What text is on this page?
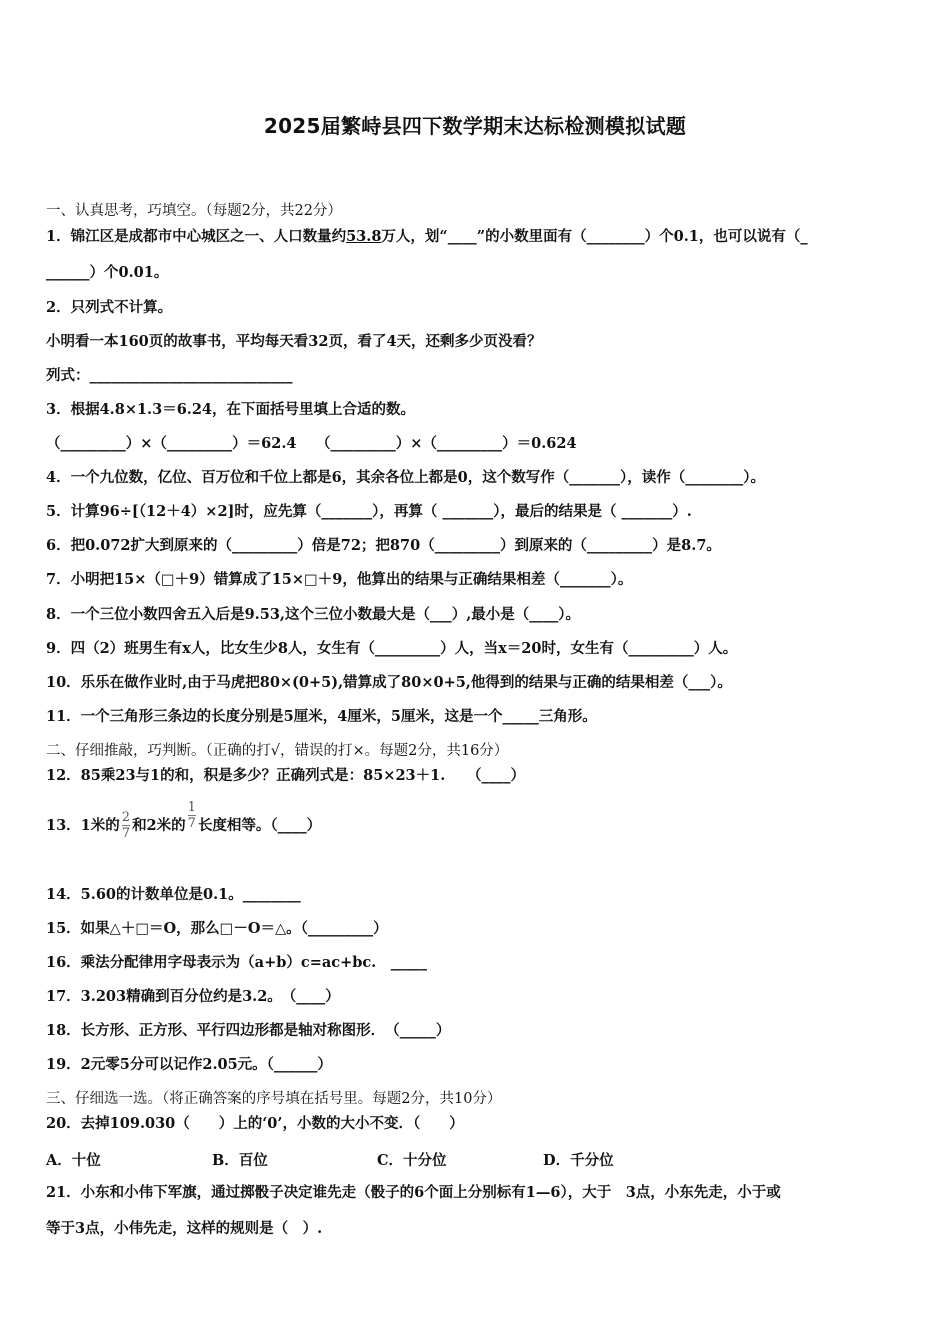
2025届繁峙县四下数学期末达标检测模拟试题

一、认真思考，巧填空。（每题2分，共22分）

1．锦江区是成都市中心城区之一、人口数量约53.8万人，划“____”的小数里面有（________）个0.1，也可以说有（_

______）个0.01。

2．只列式不计算。

小明看一本160页的故事书，平均每天看32页，看了4天，还剩多少页没看？

列式：____________________________

3．根据4.8×1.3＝6.24，在下面括号里填上合适的数。

（_________）×（_________）＝62.4　 （_________）×（_________）＝0.624

4．一个九位数，亿位、百万位和千位上都是6，其余各位上都是0，这个数写作（_______），读作（________）。

5．计算96÷[（12＋4）×2]时，应先算（_______），再算（ _______），最后的结果是（ _______）.

6．把0.072扩大到原来的（_________）倍是72；把870（_________）到原来的（_________）是8.7。

7．小明把15×（□＋9）错算成了15×□＋9，他算出的结果与正确结果相差（_______）。

8．一个三位小数四舍五入后是9.53,这个三位小数最大是（___）,最小是（____）。

9．四（2）班男生有x人，比女生少8人，女生有（_________）人，当x＝20时，女生有（_________）人。

10．乐乐在做作业时,由于马虎把80×(0+5),错算成了80×0+5,他得到的结果与正确的结果相差（___）。

11．一个三角形三条边的长度分别是5厘米，4厘米，5厘米，这是一个_____三角形。

二、仔细推敲，巧判断。（正确的打√，错误的打×。每题2分，共16分）

12．85乘23与1的和，积是多少？正确列式是：85×23＋1.　　（____）

13．1米的 $\frac{2}{7}$ 和2米的 $\frac{1}{7}$ 长度相等。（____）

14．5.60的计数单位是0.1。________

15．如果△＋□＝O，那么□－O＝△。（_________）

16．乘法分配律用字母表示为（a+b）c=ac+bc.　_____

17．3.203精确到百分位约是3.2。　（____）

18．长方形、正方形、平行四边形都是轴对称图形．　（_____）

19．2元零5分可以记作2.05元。（______）

三、仔细选一选。（将正确答案的序号填在括号里。每题2分，共10分）

20．去掉109.030（　　）上的‘0’，小数的大小不变．（　　）

A．十位	B．百位	C．十分位	D．千分位

21．小东和小伟下军旗，通过掷骰子决定谁先走（骰子的6个面上分别标有1—6），大于　3点，小东先走，小于或

等于3点，小伟先走，这样的规则是（　）.
